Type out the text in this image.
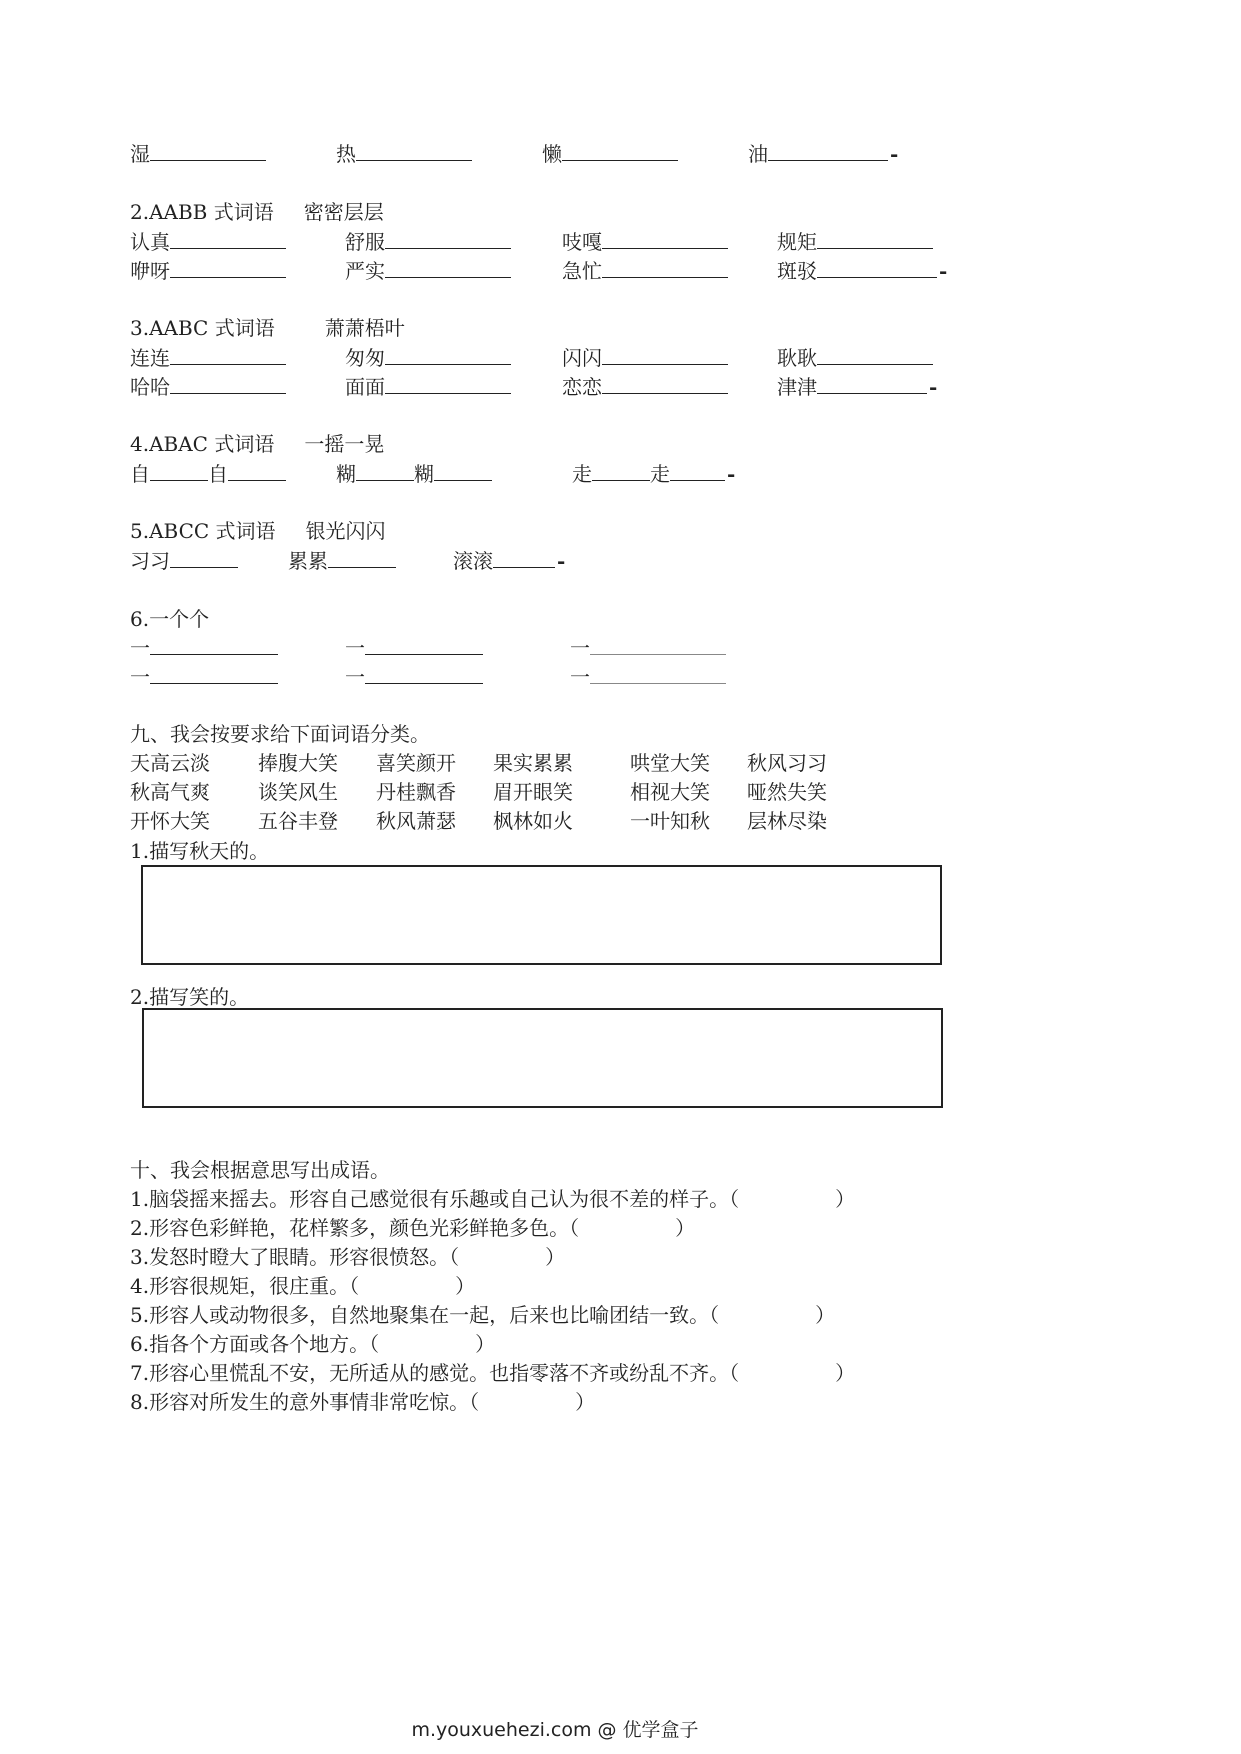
湿	热	懒	油	-
2.AABB 式词语 密密层层
认真	舒服	吱嘎	规矩
咿呀	严实	急忙	斑驳	-
3.AABC 式词语	萧萧梧叶
连连	匆匆	闪闪	耿耿
哈哈	面面	恋恋	津津	-
4.ABAC 式词语 一摇一晃
自	自	糊	糊	走	走	-
5.ABCC 式词语 银光闪闪
习习	累累	滚滚	-
6.一个个
一	一	一
一	一	一
九、我会按要求给下面词语分类。
天高云淡 捧腹大笑 喜笑颜开 果实累累	哄堂大笑 秋风习习
秋高气爽 谈笑风生 丹桂飘香 眉开眼笑	相视大笑 哑然失笑
开怀大笑 五谷丰登 秋风萧瑟 枫林如火	一叶知秋 层林尽染
1.描写秋天的。
2.描写笑的。
十、我会根据意思写出成语。
1.脑袋摇来摇去。形容自己感觉很有乐趣或自己认为很不差的样子。（	）
2.形容色彩鲜艳，花样繁多，颜色光彩鲜艳多色。（	）
3.发怒时瞪大了眼睛。形容很愤怒。（	）
4.形容很规矩，很庄重。（	）
5.形容人或动物很多，自然地聚集在一起，后来也比喻团结一致。（	）
6.指各个方面或各个地方。（	）
7.形容心里慌乱不安，无所适从的感觉。也指零落不齐或纷乱不齐。（	）
8.形容对所发生的意外事情非常吃惊。（	）
m.youxuehezi.com @ 优学盒子
